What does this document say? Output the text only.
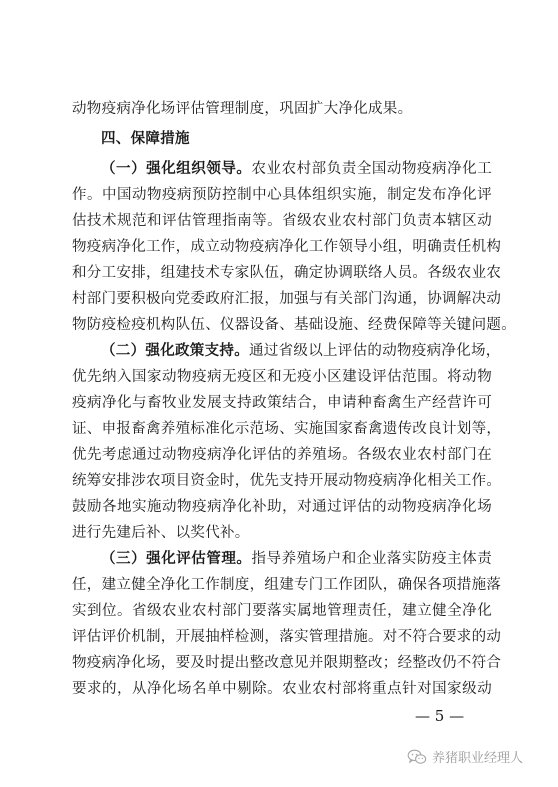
动物疫病净化场评估管理制度，巩固扩大净化成果。
四、保障措施
（一）强化组织领导。农业农村部负责全国动物疫病净化工
作。中国动物疫病预防控制中心具体组织实施，制定发布净化评
估技术规范和评估管理指南等。省级农业农村部门负责本辖区动
物疫病净化工作，成立动物疫病净化工作领导小组，明确责任机构
和分工安排，组建技术专家队伍，确定协调联络人员。各级农业农
村部门要积极向党委政府汇报，加强与有关部门沟通，协调解决动
物防疫检疫机构队伍、仪器设备、基础设施、经费保障等关键问题。
（二）强化政策支持。通过省级以上评估的动物疫病净化场，
优先纳入国家动物疫病无疫区和无疫小区建设评估范围。将动物
疫病净化与畜牧业发展支持政策结合，申请种畜禽生产经营许可
证、申报畜禽养殖标准化示范场、实施国家畜禽遗传改良计划等，
优先考虑通过动物疫病净化评估的养殖场。各级农业农村部门在
统筹安排涉农项目资金时，优先支持开展动物疫病净化相关工作。
鼓励各地实施动物疫病净化补助，对通过评估的动物疫病净化场
进行先建后补、以奖代补。
（三）强化评估管理。指导养殖场户和企业落实防疫主体责
任，建立健全净化工作制度，组建专门工作团队，确保各项措施落
实到位。省级农业农村部门要落实属地管理责任，建立健全净化
评估评价机制，开展抽样检测，落实管理措施。对不符合要求的动
物疫病净化场，要及时提出整改意见并限期整改；经整改仍不符合
要求的，从净化场名单中剔除。农业农村部将重点针对国家级动
— 5 —
养猪职业经理人
